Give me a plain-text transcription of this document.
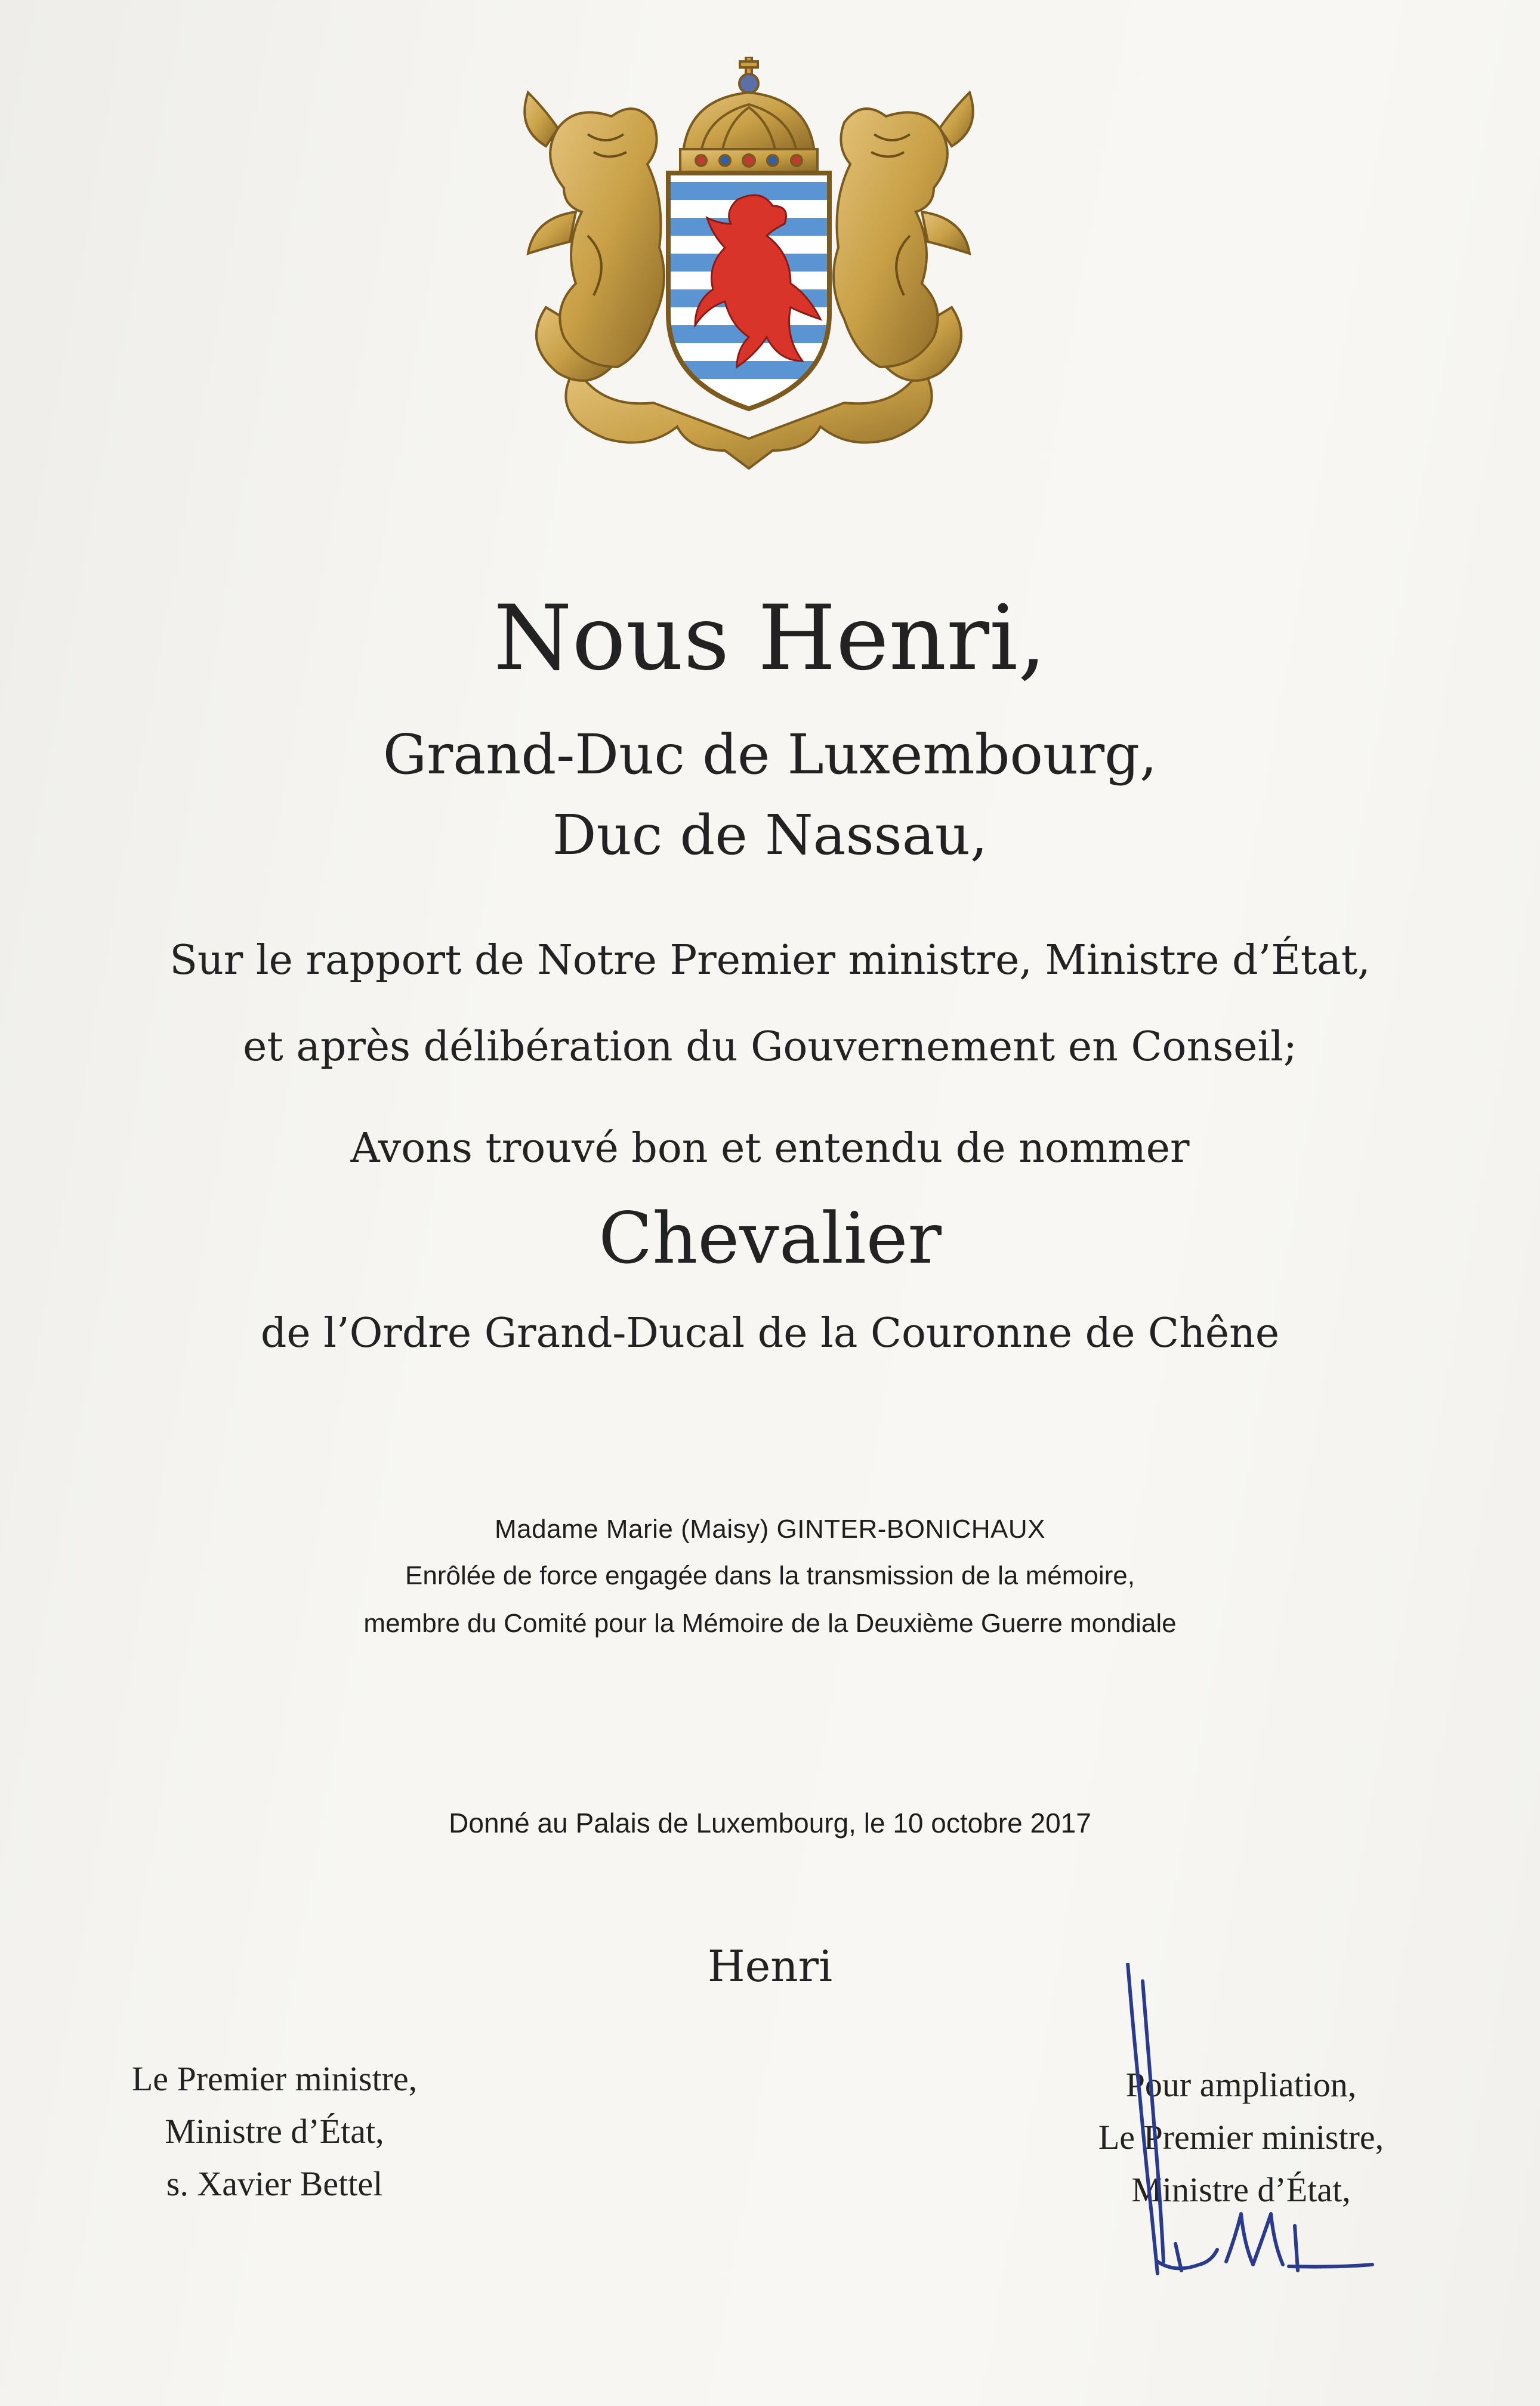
Nous Henri,
Grand-Duc de Luxembourg,
Duc de Nassau,
Sur le rapport de Notre Premier ministre, Ministre d’État,
et après délibération du Gouvernement en Conseil;
Avons trouvé bon et entendu de nommer
Chevalier
de l’Ordre Grand-Ducal de la Couronne de Chêne
Madame Marie (Maisy) GINTER-BONICHAUX
Enrôlée de force engagée dans la transmission de la mémoire,
membre du Comité pour la Mémoire de la Deuxième Guerre mondiale
Donné au Palais de Luxembourg, le 10 octobre 2017
Henri
Le Premier ministre,
Ministre d’État,
s. Xavier Bettel
Pour ampliation,
Le Premier ministre,
Ministre d’État,
